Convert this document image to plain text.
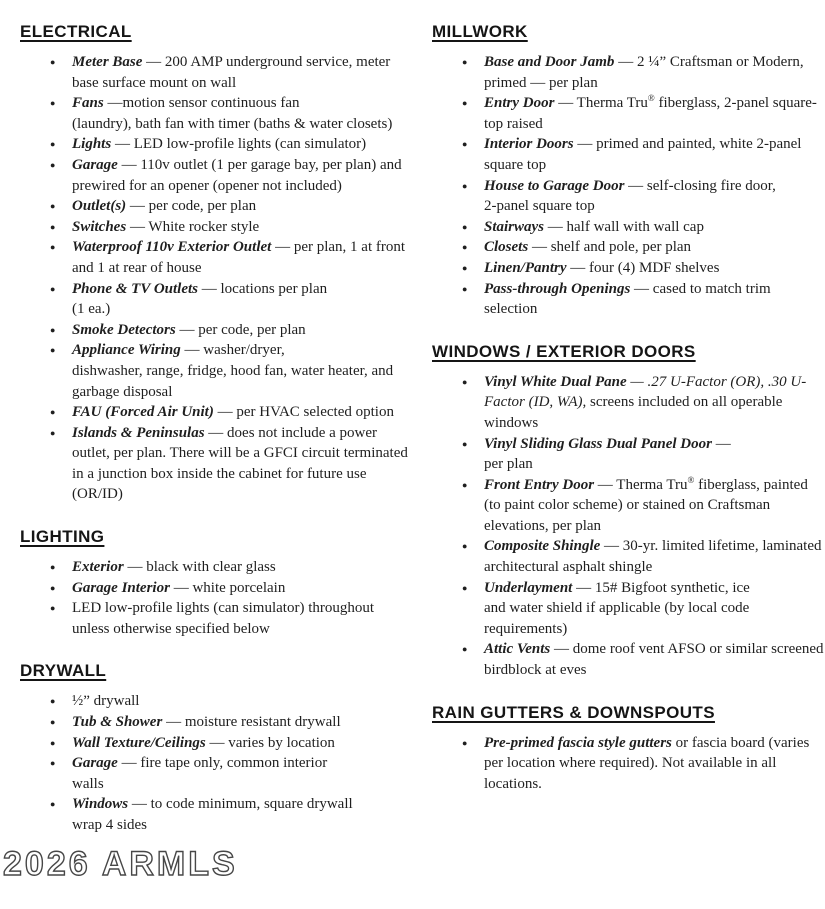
ELECTRICAL
● Meter Base — 200 AMP underground service, meter base surface mount on wall
● Fans —motion sensor continuous fan
(laundry), bath fan with timer (baths & water closets)
● Lights — LED low-profile lights (can simulator)
● Garage — 110v outlet (1 per garage bay, per plan) and prewired for an opener (opener not included)
● Outlet(s) — per code, per plan
● Switches — White rocker style
● Waterproof 110v Exterior Outlet — per plan, 1 at front and 1 at rear of house
● Phone & TV Outlets — locations per plan
(1 ea.)
● Smoke Detectors — per code, per plan
● Appliance Wiring — washer/dryer,
dishwasher, range, fridge, hood fan, water heater, and garbage disposal
● FAU (Forced Air Unit) — per HVAC selected option
● Islands & Peninsulas — does not include a power outlet, per plan. There will be a GFCI circuit terminated in a junction box inside the cabinet for future use (OR/ID)
LIGHTING
● Exterior — black with clear glass
● Garage Interior — white porcelain
● LED low-profile lights (can simulator) throughout unless otherwise specified below
DRYWALL
● ½” drywall
● Tub & Shower — moisture resistant drywall
● Wall Texture/Ceilings — varies by location
● Garage — fire tape only, common interior
walls
● Windows — to code minimum, square drywall
wrap 4 sides
MILLWORK
● Base and Door Jamb — 2 ¼” Craftsman or Modern, primed — per plan
● Entry Door — Therma Tru® fiberglass, 2-panel square-top raised
● Interior Doors — primed and painted, white 2-panel square top
● House to Garage Door — self-closing fire door,
2-panel square top
● Stairways — half wall with wall cap
● Closets — shelf and pole, per plan
● Linen/Pantry — four (4) MDF shelves
● Pass-through Openings — cased to match trim selection
WINDOWS / EXTERIOR DOORS
● Vinyl White Dual Pane — .27 U-Factor (OR), .30 U-Factor (ID, WA), screens included on all operable windows
● Vinyl Sliding Glass Dual Panel Door —
per plan
● Front Entry Door — Therma Tru® fiberglass, painted (to paint color scheme) or stained on Craftsman elevations, per plan
● Composite Shingle — 30-yr. limited lifetime, laminated architectural asphalt shingle
● Underlayment — 15# Bigfoot synthetic, ice
and water shield if applicable (by local code requirements)
● Attic Vents — dome roof vent AFSO or similar screened birdblock at eves
RAIN GUTTERS & DOWNSPOUTS
● Pre-primed fascia style gutters or fascia board (varies per location where required). Not available in all locations.
2026 ARMLS
